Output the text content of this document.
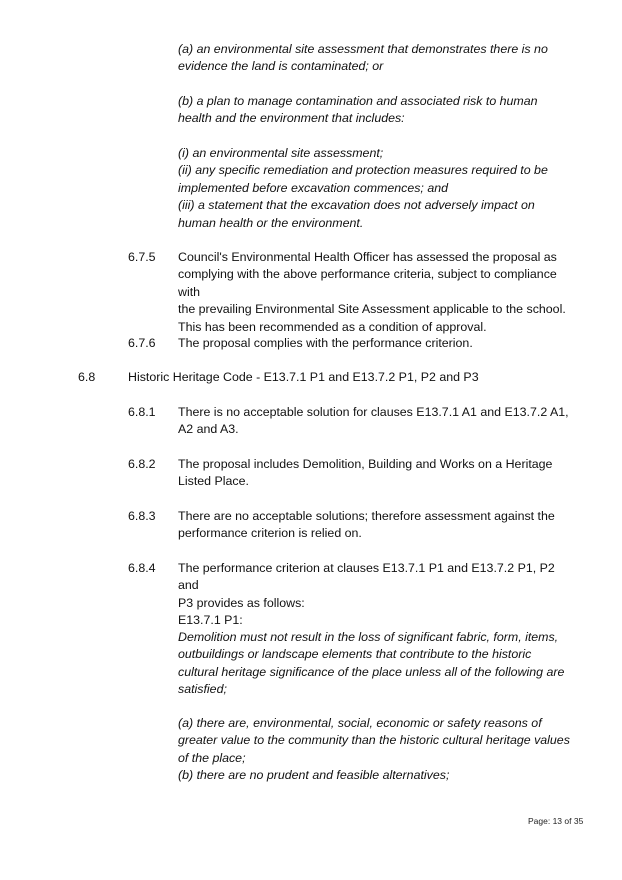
(a) an environmental site assessment that demonstrates there is no
evidence the land is contaminated; or
(b) a plan to manage contamination and associated risk to human
health and the environment that includes:
(i) an environmental site assessment;
(ii) any specific remediation and protection measures required to be
implemented before excavation commences; and
(iii) a statement that the excavation does not adversely impact on
human health or the environment.
6.7.5 Council's Environmental Health Officer has assessed the proposal as
complying with the above performance criteria, subject to compliance with
the prevailing Environmental Site Assessment applicable to the school.
This has been recommended as a condition of approval.
6.7.6 The proposal complies with the performance criterion.
6.8	Historic Heritage Code - E13.7.1 P1 and E13.7.2 P1, P2 and P3
6.8.1 There is no acceptable solution for clauses E13.7.1 A1 and E13.7.2 A1,
A2 and A3.
6.8.2 The proposal includes Demolition, Building and Works on a Heritage
Listed Place.
6.8.3 There are no acceptable solutions; therefore assessment against the
performance criterion is relied on.
6.8.4 The performance criterion at clauses E13.7.1 P1 and E13.7.2 P1, P2 and
P3 provides as follows:
E13.7.1 P1:
Demolition must not result in the loss of significant fabric, form, items,
outbuildings or landscape elements that contribute to the historic
cultural heritage significance of the place unless all of the following are
satisfied;
(a) there are, environmental, social, economic or safety reasons of
greater value to the community than the historic cultural heritage values
of the place;
(b) there are no prudent and feasible alternatives;
Page: 13 of 35
